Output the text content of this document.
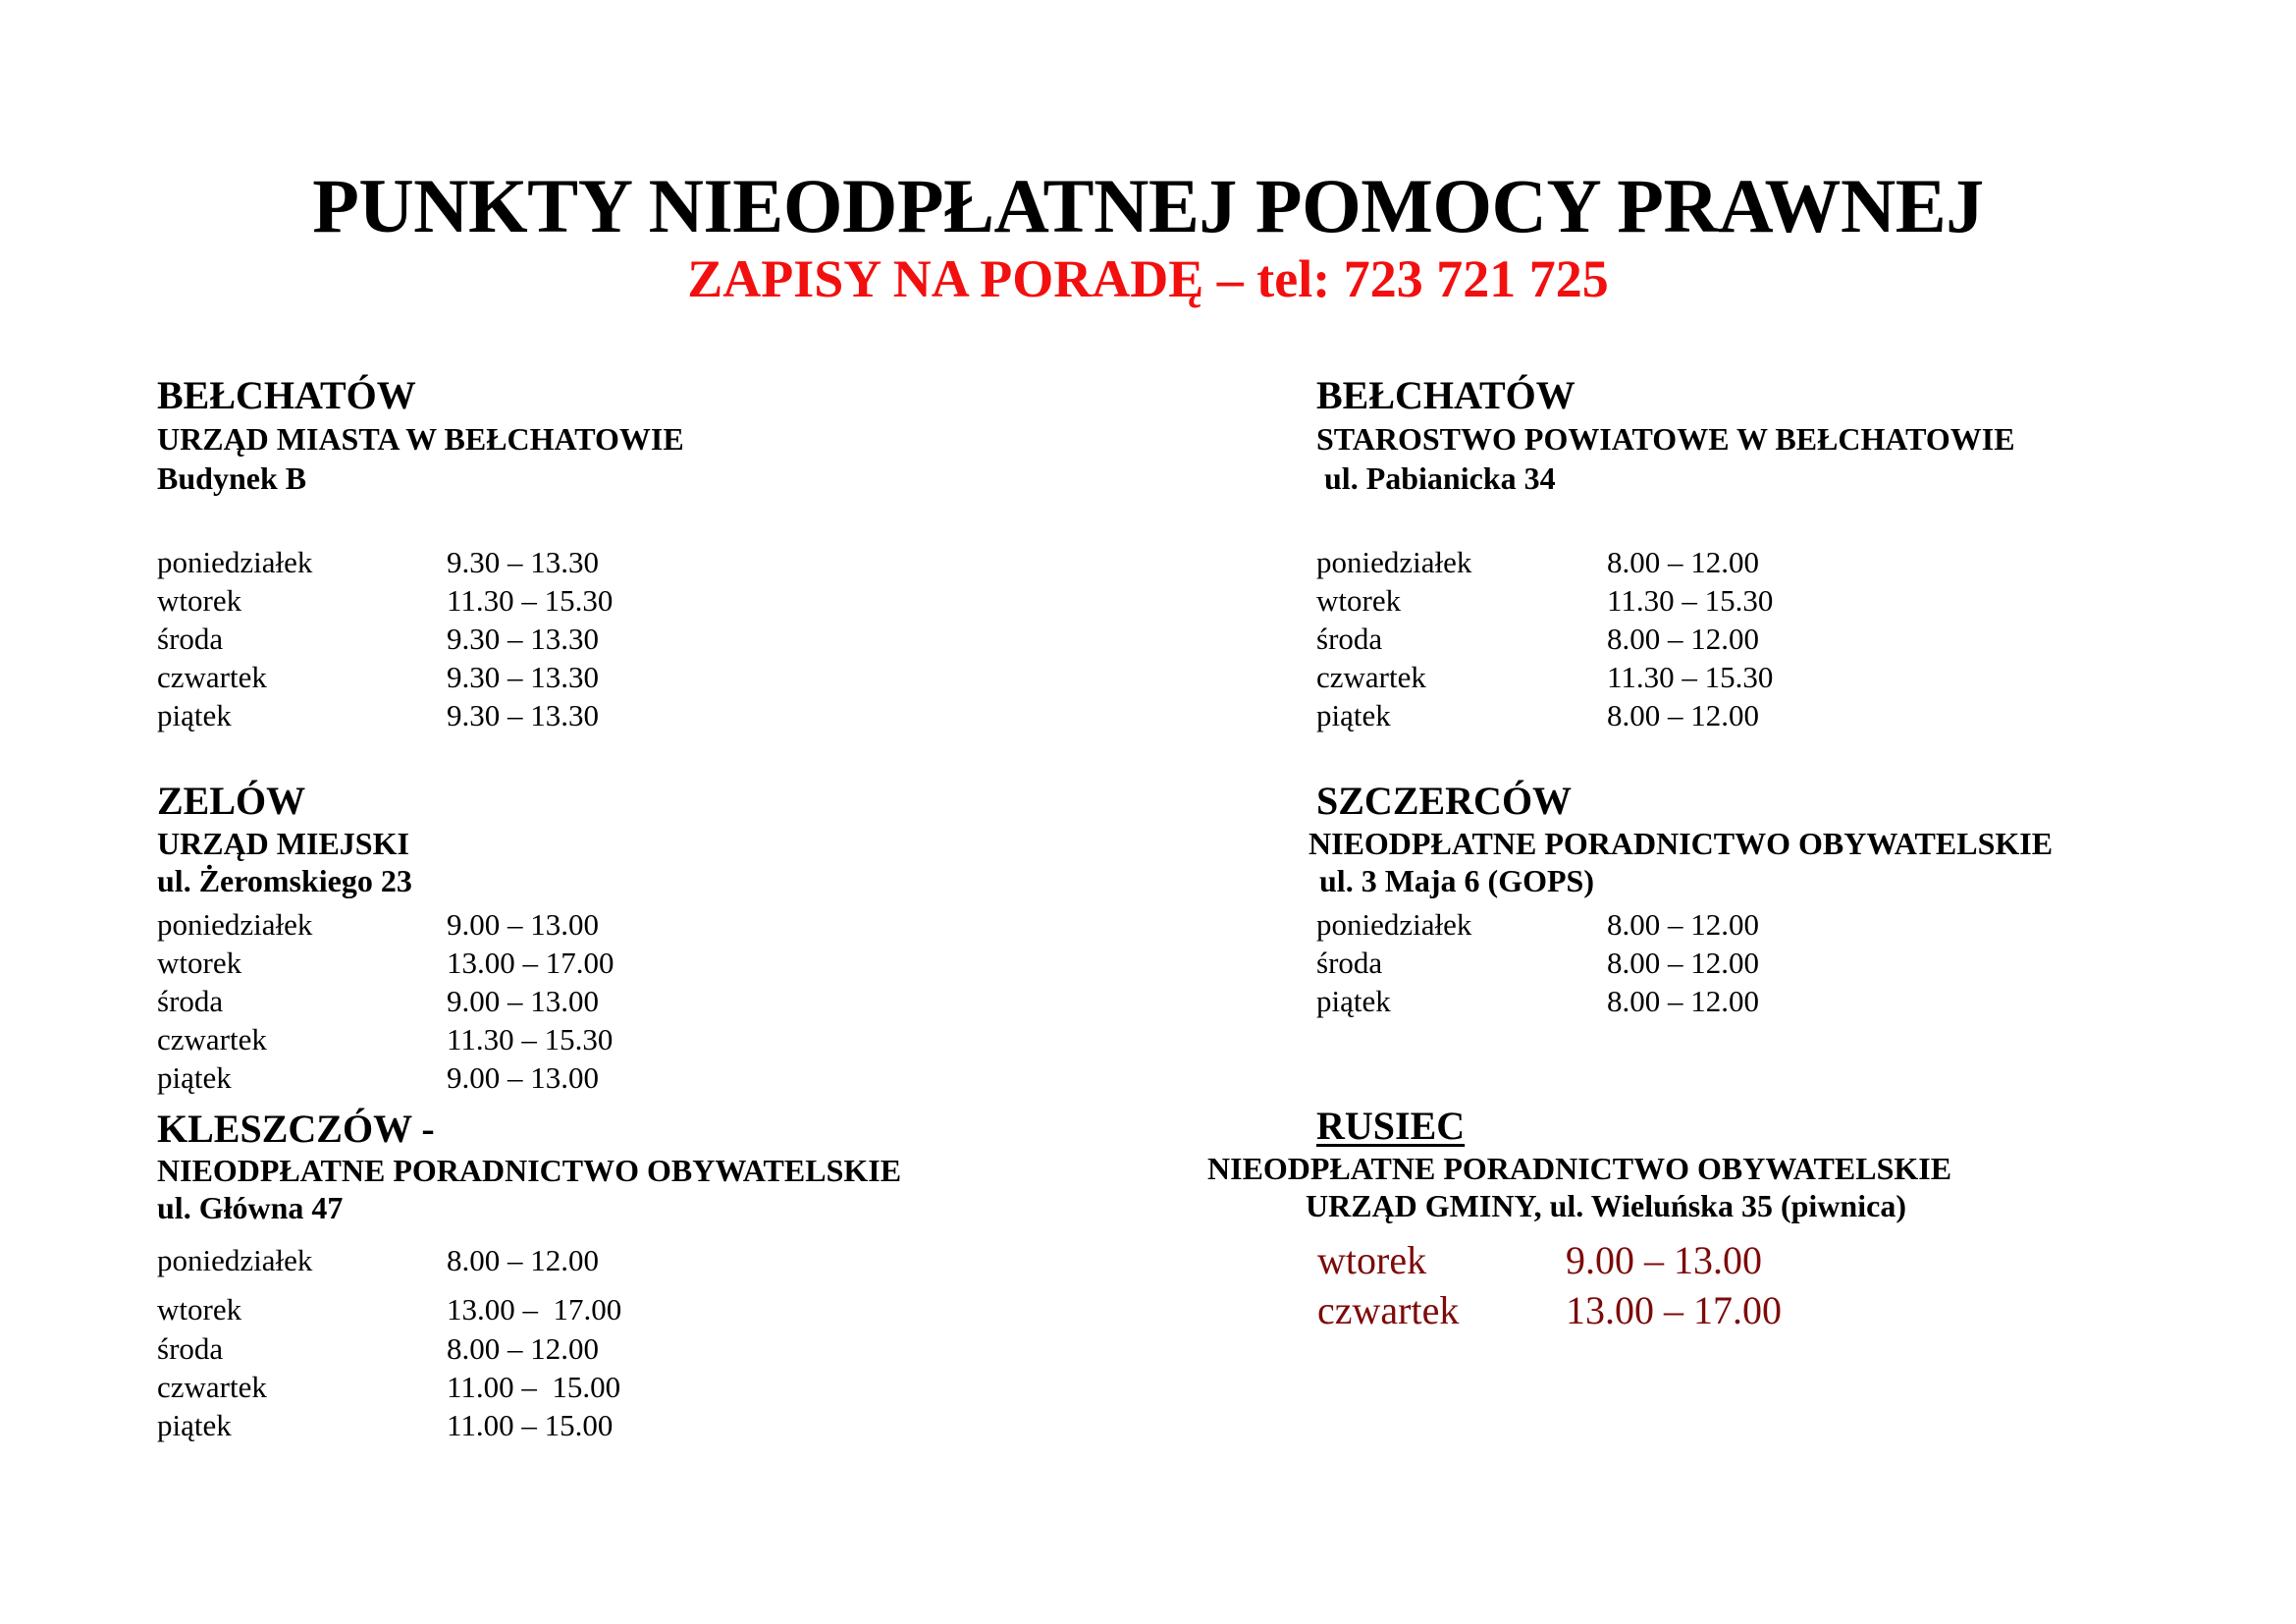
PUNKTY NIEODPŁATNEJ POMOCY PRAWNEJ
ZAPISY NA PORADĘ – tel: 723 721 725
BEŁCHATÓW
URZĄD MIASTA W BEŁCHATOWIE
Budynek B
poniedziałek	9.30 – 13.30
wtorek	11.30 – 15.30
środa	9.30 – 13.30
czwartek	9.30 – 13.30
piątek	9.30 – 13.30
BEŁCHATÓW
STAROSTWO POWIATOWE W BEŁCHATOWIE
ul. Pabianicka 34
poniedziałek	8.00 – 12.00
wtorek	11.30 – 15.30
środa	8.00 – 12.00
czwartek	11.30 – 15.30
piątek	8.00 – 12.00
ZELÓW
URZĄD MIEJSKI
ul. Żeromskiego 23
poniedziałek	9.00 – 13.00
wtorek	13.00 – 17.00
środa	9.00 – 13.00
czwartek	11.30 – 15.30
piątek	9.00 – 13.00
SZCZERCÓW
NIEODPŁATNE PORADNICTWO OBYWATELSKIE
ul. 3 Maja 6 (GOPS)
poniedziałek	8.00 – 12.00
środa	8.00 – 12.00
piątek	8.00 – 12.00
KLESZCZÓW -
NIEODPŁATNE PORADNICTWO OBYWATELSKIE
ul. Główna 47
poniedziałek	8.00 – 12.00
wtorek	13.00 –  17.00
środa	8.00 – 12.00
czwartek	11.00 –  15.00
piątek	11.00 – 15.00
RUSIEC
NIEODPŁATNE PORADNICTWO OBYWATELSKIE
URZĄD GMINY, ul. Wieluńska 35 (piwnica)
wtorek	9.00 – 13.00
czwartek	13.00 – 17.00
